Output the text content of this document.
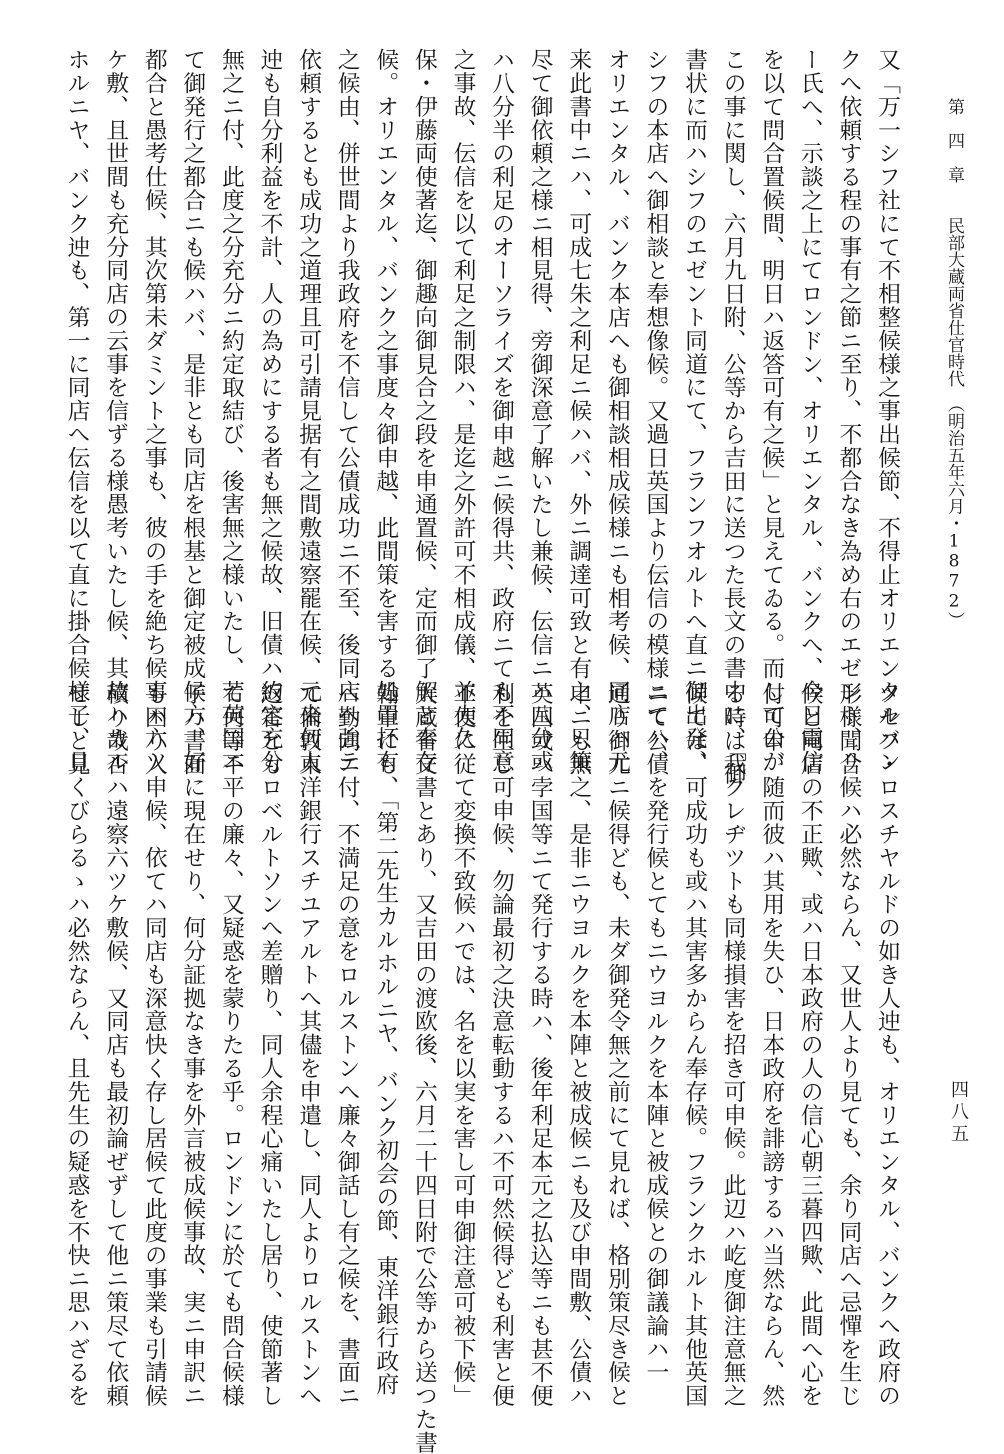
第　四　章　　民部大蔵両省仕官時代　（明治五年六月・1872）
又「万一シフ社にて不相整候様之事出候節、不得止オリエンタルバン
クへ依頼する程の事有之節ニ至り、不都合なき為め右のエゼント、リ
ー氏へ、示談之上にてロンドン、オリエンタル、バンクへ、今日電信
を以て問合置候間、明日ハ返答可有之候」と見えてゐる。而して公が
この事に関し、六月九日附、公等から吉田に送つた長文の書中に、「御
書状に而ハシフのエゼント同道にて、フランフオルトへ直ニ御出発、
シフの本店へ御相談と奉想像候。又過日英国より伝信の模様ニてハ、
オリエンタル、バンク本店へも御相談相成候様ニも相考候、同店ハ元
来此書中ニハ、可成七朱之利足ニ候ハバ、外ニ調達可致と有之、只策
尽て御依頼之様ニ相見得、旁御深意了解いたし兼候、伝信ニハ八分或
ハ八分半の利足のオーソライズを御申越ニ候得共、政府ニても不同意
之事故、伝信を以て利足之制限ハ、是迄之外許可不相成儀、並大久
保・伊藤両使著迄、御趣向御見合之段を申通置候、定而御了解と奉存
候。オリエンタル、バンク之事度々御申越、此間策を害する処置抔有
之候由、併世間より我政府を不信して公債成功ニ不至、後同店へ強テ
依頼するとも成功之道理且可引請見据有之間敷遠察罷在候、元来何人
迚も自分利益を不計、人の為めにする者も無之候故、旧債ハ約定充分
無之ニ付、此度之分充分ニ約定取結び、後害無之様いたし、若英国ニ
て御発行之都合ニも候ハバ、是非とも同店を根基と御定被成候方、好
都合と愚考仕候、其次第未ダミント之事も、彼の手を絶ち候事ハ六ツ
ケ敷、且世間も充分同店の云事を信ずる様愚考いたし候、其故ハカル
ホルニヤ、バンク迚も、第一に同店へ伝信を以て直に掛合候様子、且
ツセフ・ロスチヤルドの如き人迚も、オリエンタル、バンクへ政府の
形様聞合候ハ必然ならん、又世人より見ても、余り同店へ忌憚を生じ
候と同店の不正歟、或ハ日本政府の人の信心朝三暮四歟、此間へ心を
付可申、随而彼ハ其用を失ひ、日本政府を誹謗するハ当然ならん、然
る時は我クレヂツトも同様損害を招き可申候。此辺ハ屹度御注意無之
候ては、可成功も或ハ其害多からん奉存候。フランクホルト其他英国
ニて公債を発行候とてもニウヨルクを本陣と被成候との御議論ハ一
通り御尤ニ候得ども、未ダ御発令無之前にて見れば、格別策尽き候と
申ニも無之、是非ニウヨルクを本陣と被成候ニも及び申間敷、公債ハ
英国或ハ孛国等ニて発行する時ハ、後年利足本元之払込等ニも甚不便
利を生じ可申候、勿論最初之決意転動するハ不可然候得ども利害と便
不便に従て変換不致候ハでは、名を以実を害し可申御注意可被下候」
大蔵省文書とあり、又吉田の渡欧後、六月二十四日附で公等から送つた書
翰中にも、「第二先生カルホルニヤ、バンク初会の節、東洋銀行政府
へ勤向ニ付、不満足の意をロルストンへ廉々御話し有之候を、書面ニ
て倫敦東洋銀行スチユアルトへ其儘を申遣し、同人よりロルストンへ
返答ともロベルトソンへ差贈り、同人余程心痛いたし居り、使節著し
て何等不平の廉々、又疑惑を蒙りたる乎。ロンドンに於ても問合候様
子ハ書面に現在せり、何分証拠なき事を外言被成候事故、実ニ申訳ニ
も困り入申候、依てハ同店も深意快く存し居候て此度の事業も引請候
積り哉否ハ遠察六ツケ敷候、又同店も最初論ぜずして他ニ策尽て依頼
せしと見くびらるゝハ必然ならん、且先生の疑惑を不快ニ思ハざるを	四八五
